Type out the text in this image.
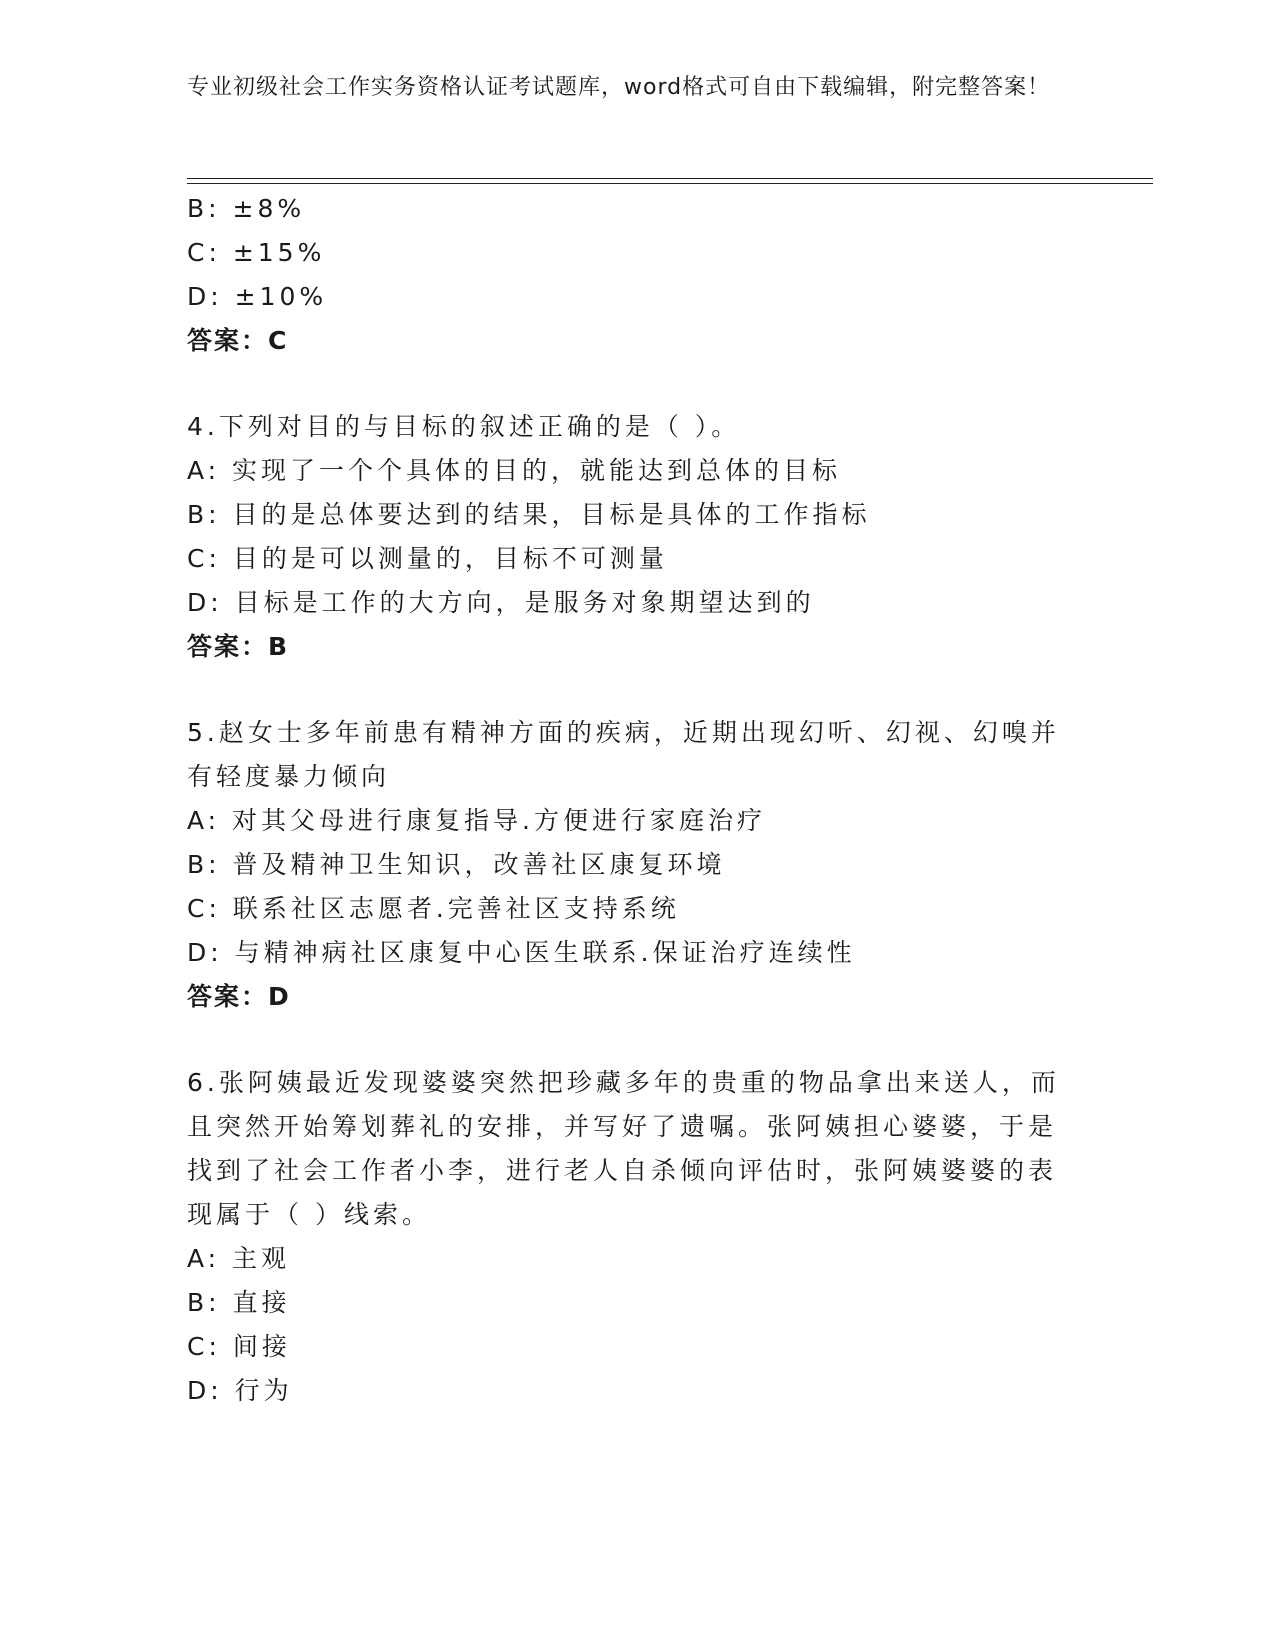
专业初级社会工作实务资格认证考试题库，word格式可自由下载编辑，附完整答案！
B: ±8%
C: ±15%
D: ±10%
答案：C
4.下列对目的与目标的叙述正确的是（ ）。
A: 实现了一个个具体的目的，就能达到总体的目标
B: 目的是总体要达到的结果，目标是具体的工作指标
C: 目的是可以测量的，目标不可测量
D: 目标是工作的大方向，是服务对象期望达到的
答案：B
5.赵女士多年前患有精神方面的疾病，近期出现幻听、幻视、幻嗅并
有轻度暴力倾向
A: 对其父母进行康复指导.方便进行家庭治疗
B: 普及精神卫生知识，改善社区康复环境
C: 联系社区志愿者.完善社区支持系统
D: 与精神病社区康复中心医生联系.保证治疗连续性
答案：D
6.张阿姨最近发现婆婆突然把珍藏多年的贵重的物品拿出来送人，而
且突然开始筹划葬礼的安排，并写好了遗嘱。张阿姨担心婆婆，于是
找到了社会工作者小李，进行老人自杀倾向评估时，张阿姨婆婆的表
现属于（ ）线索。
A: 主观
B: 直接
C: 间接
D: 行为
